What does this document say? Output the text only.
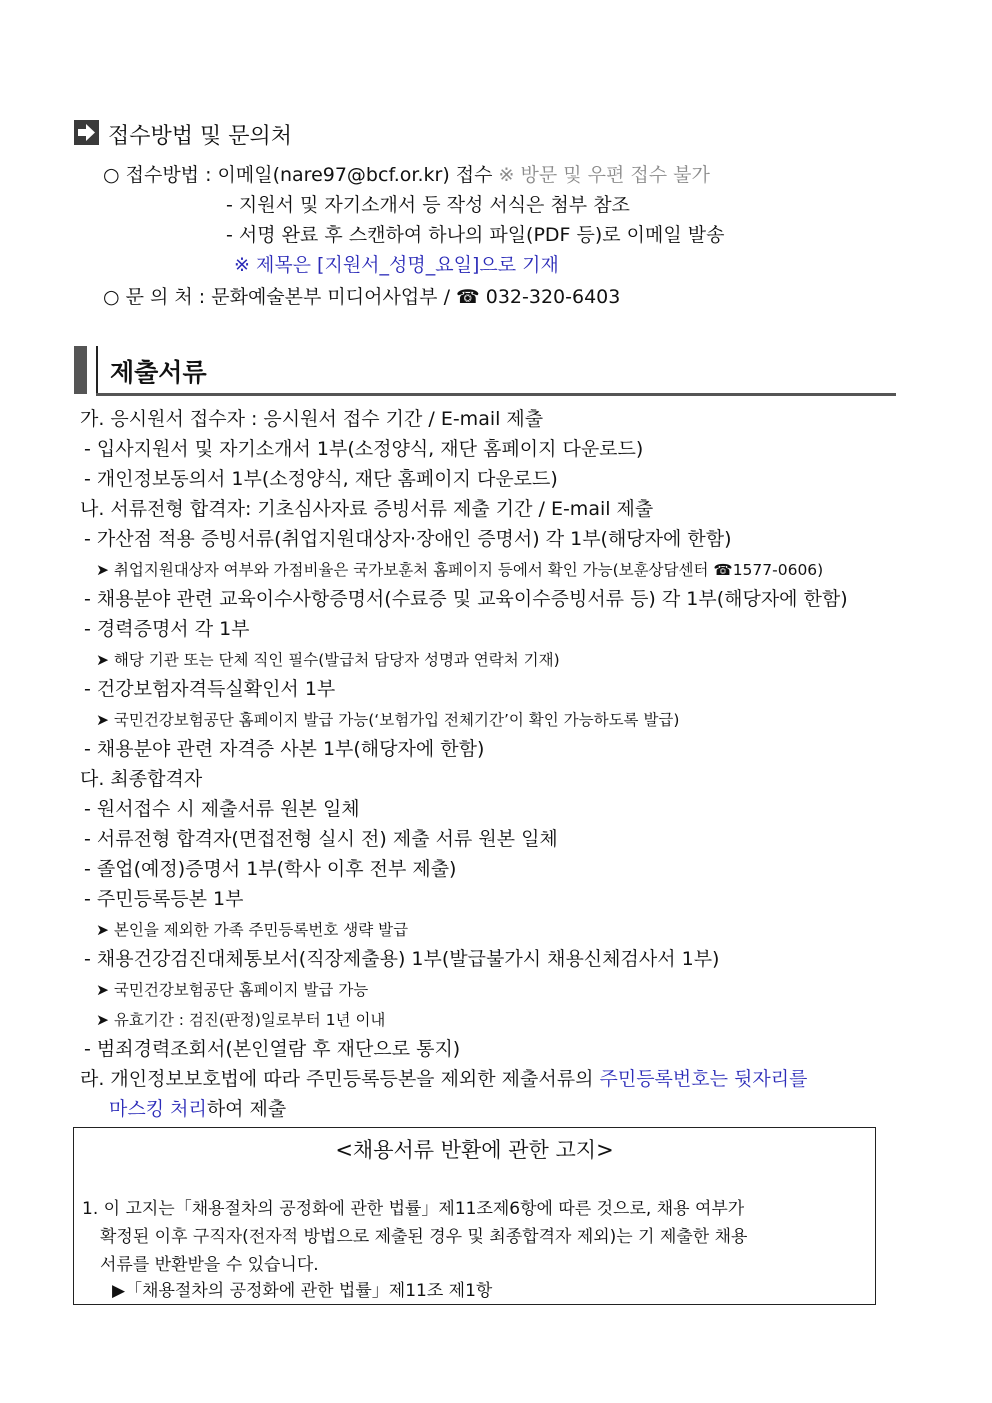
접수방법 및 문의처
○ 접수방법 : 이메일(nare97@bcf.or.kr) 접수 ※ 방문 및 우편 접수 불가
- 지원서 및 자기소개서 등 작성 서식은 첨부 참조
- 서명 완료 후 스캔하여 하나의 파일(PDF 등)로 이메일 발송
※ 제목은 [지원서_성명_요일]으로 기재
○ 문 의 처 : 문화예술본부 미디어사업부 / ☎ 032-320-6403
제출서류
가. 응시원서 접수자 : 응시원서 접수 기간 / E-mail 제출
- 입사지원서 및 자기소개서 1부(소정양식, 재단 홈페이지 다운로드)
- 개인정보동의서 1부(소정양식, 재단 홈페이지 다운로드)
나. 서류전형 합격자: 기초심사자료 증빙서류 제출 기간 / E-mail 제출
- 가산점 적용 증빙서류(취업지원대상자·장애인 증명서) 각 1부(해당자에 한함)
➤ 취업지원대상자 여부와 가점비율은 국가보훈처 홈페이지 등에서 확인 가능(보훈상담센터 ☎1577-0606)
- 채용분야 관련 교육이수사항증명서(수료증 및 교육이수증빙서류 등) 각 1부(해당자에 한함)
- 경력증명서 각 1부
➤ 해당 기관 또는 단체 직인 필수(발급처 담당자 성명과 연락처 기재)
- 건강보험자격득실확인서 1부
➤ 국민건강보험공단 홈페이지 발급 가능(‘보험가입 전체기간’이 확인 가능하도록 발급)
- 채용분야 관련 자격증 사본 1부(해당자에 한함)
다. 최종합격자
- 원서접수 시 제출서류 원본 일체
- 서류전형 합격자(면접전형 실시 전) 제출 서류 원본 일체
- 졸업(예정)증명서 1부(학사 이후 전부 제출)
- 주민등록등본 1부
➤ 본인을 제외한 가족 주민등록번호 생략 발급
- 채용건강검진대체통보서(직장제출용) 1부(발급불가시 채용신체검사서 1부)
➤ 국민건강보험공단 홈페이지 발급 가능
➤ 유효기간 : 검진(판정)일로부터 1년 이내
- 범죄경력조회서(본인열람 후 재단으로 통지)
라. 개인정보보호법에 따라 주민등록등본을 제외한 제출서류의 주민등록번호는 뒷자리를
마스킹 처리하여 제출
<채용서류 반환에 관한 고지>
1. 이 고지는「채용절차의 공정화에 관한 법률」제11조제6항에 따른 것으로, 채용 여부가
확정된 이후 구직자(전자적 방법으로 제출된 경우 및 최종합격자 제외)는 기 제출한 채용
서류를 반환받을 수 있습니다.
▶「채용절차의 공정화에 관한 법률」제11조 제1항
